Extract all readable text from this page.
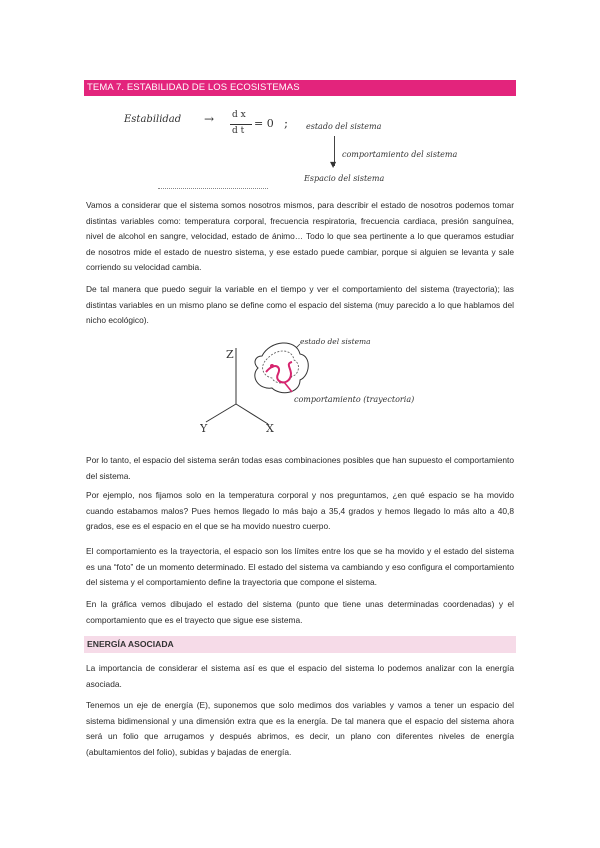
TEMA 7. ESTABILIDAD DE LOS ECOSISTEMAS
Estabilidad → d x
d t
= 0 ; estado del sistema
▼
comportamiento del sistema
Espacio del sistema
Vamos a considerar que el sistema somos nosotros mismos, para describir el estado de nosotros podemos tomar distintas variables como: temperatura corporal, frecuencia respiratoria, frecuencia cardiaca, presión sanguínea, nivel de alcohol en sangre, velocidad, estado de ánimo… Todo lo que sea pertinente a lo que queramos estudiar de nosotros mide el estado de nuestro sistema, y ese estado puede cambiar, porque si alguien se levanta y sale corriendo su velocidad cambia.
De tal manera que puedo seguir la variable en el tiempo y ver el comportamiento del sistema (trayectoria); las distintas variables en un mismo plano se define como el espacio del sistema (muy parecido a lo que hablamos del nicho ecológico).
Z
Y	X
estado del sistema
comportamiento (trayectoria)
Por lo tanto, el espacio del sistema serán todas esas combinaciones posibles que han supuesto el comportamiento del sistema.
Por ejemplo, nos fijamos solo en la temperatura corporal y nos preguntamos, ¿en qué espacio se ha movido cuando estabamos malos? Pues hemos llegado lo más bajo a 35,4 grados y hemos llegado lo más alto a 40,8 grados, ese es el espacio en el que se ha movido nuestro cuerpo.
El comportamiento es la trayectoria, el espacio son los límites entre los que se ha movido y el estado del sistema es una “foto” de un momento determinado. El estado del sistema va cambiando y eso configura el comportamiento del sistema y el comportamiento define la trayectoria que compone el sistema.
En la gráfica vemos dibujado el estado del sistema (punto que tiene unas determinadas coordenadas) y el comportamiento que es el trayecto que sigue ese sistema.
ENERGÍA ASOCIADA
La importancia de considerar el sistema así es que el espacio del sistema lo podemos analizar con la energía asociada.
Tenemos un eje de energía (E), suponemos que solo medimos dos variables y vamos a tener un espacio del sistema bidimensional y una dimensión extra que es la energía. De tal manera que el espacio del sistema ahora será un folio que arrugamos y después abrimos, es decir, un plano con diferentes niveles de energía (abultamientos del folio), subidas y bajadas de energía.
